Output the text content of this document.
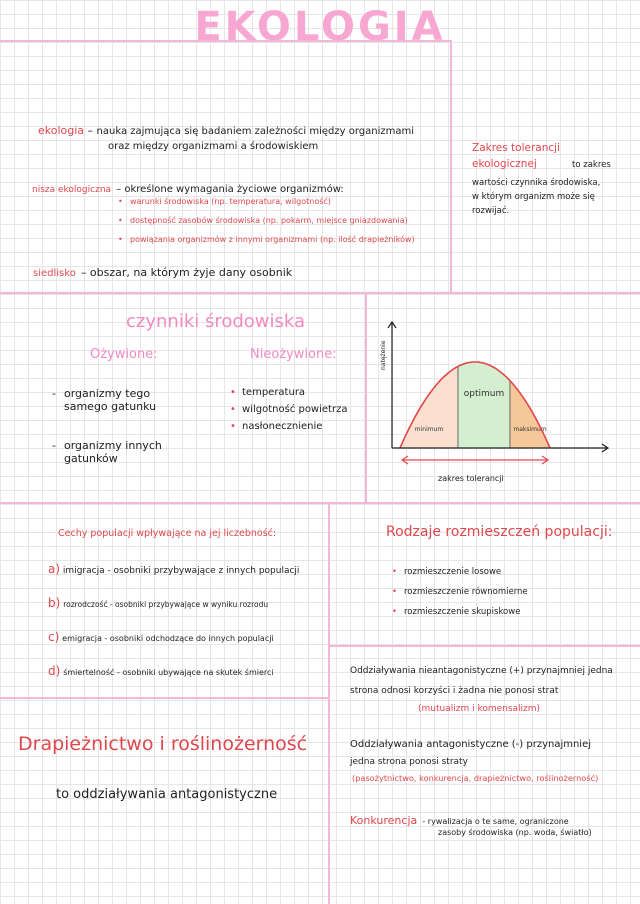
EKOLOGIA
ekologia – nauka zajmująca się badaniem zależności między organizmami
oraz między organizmami a środowiskiem
nisza ekologiczna – określone wymagania życiowe organizmów:
• warunki środowiska (np. temperatura, wilgotność)
• dostępność zasobów środowiska (np. pokarm, miejsce gniazdowania)
• powiązania organizmów z innymi organizmami (np. ilość drapieżników)
siedlisko – obszar, na którym żyje dany osobnik
Zakres tolerancji ekologicznej	to zakres
wartości czynnika środowiska,
w którym organizm może się
rozwijać.
czynniki środowiska
Ożywione:	Nieożywione:
- organizmy tego samego gatunku
- organizmy innych gatunków
• temperatura
• wilgotność powietrza
• nasłonecznienie	minimum
optimum
maksimum
zakres tolerancji
natężenie
Cechy populacji wpływające na jej liczebność:
a) imigracja - osobniki przybywające z innych populacji
b) rozrodczość - osobniki przybywające w wyniku rozrodu
c) emigracja - osobniki odchodzące do innych populacji
d) śmiertelność - osobniki ubywające na skutek śmierci
Rodzaje rozmieszczeń populacji:
• rozmieszczenie losowe
• rozmieszczenie równomierne
• rozmieszczenie skupiskowe
Drapieżnictwo i roślinożerność
to oddziaływania antagonistyczne
Oddziaływania nieantagonistyczne (+) przynajmniej jedna
strona odnosi korzyści i żadna nie ponosi strat
(mutualizm i komensalizm)
Oddziaływania antagonistyczne (-) przynajmniej
jedna strona ponosi straty
(pasożytnictwo, konkurencja, drapieżnictwo, roślinożerność)
Konkurencja - rywalizacja o te same, ograniczone
zasoby środowiska (np. woda, światło)
